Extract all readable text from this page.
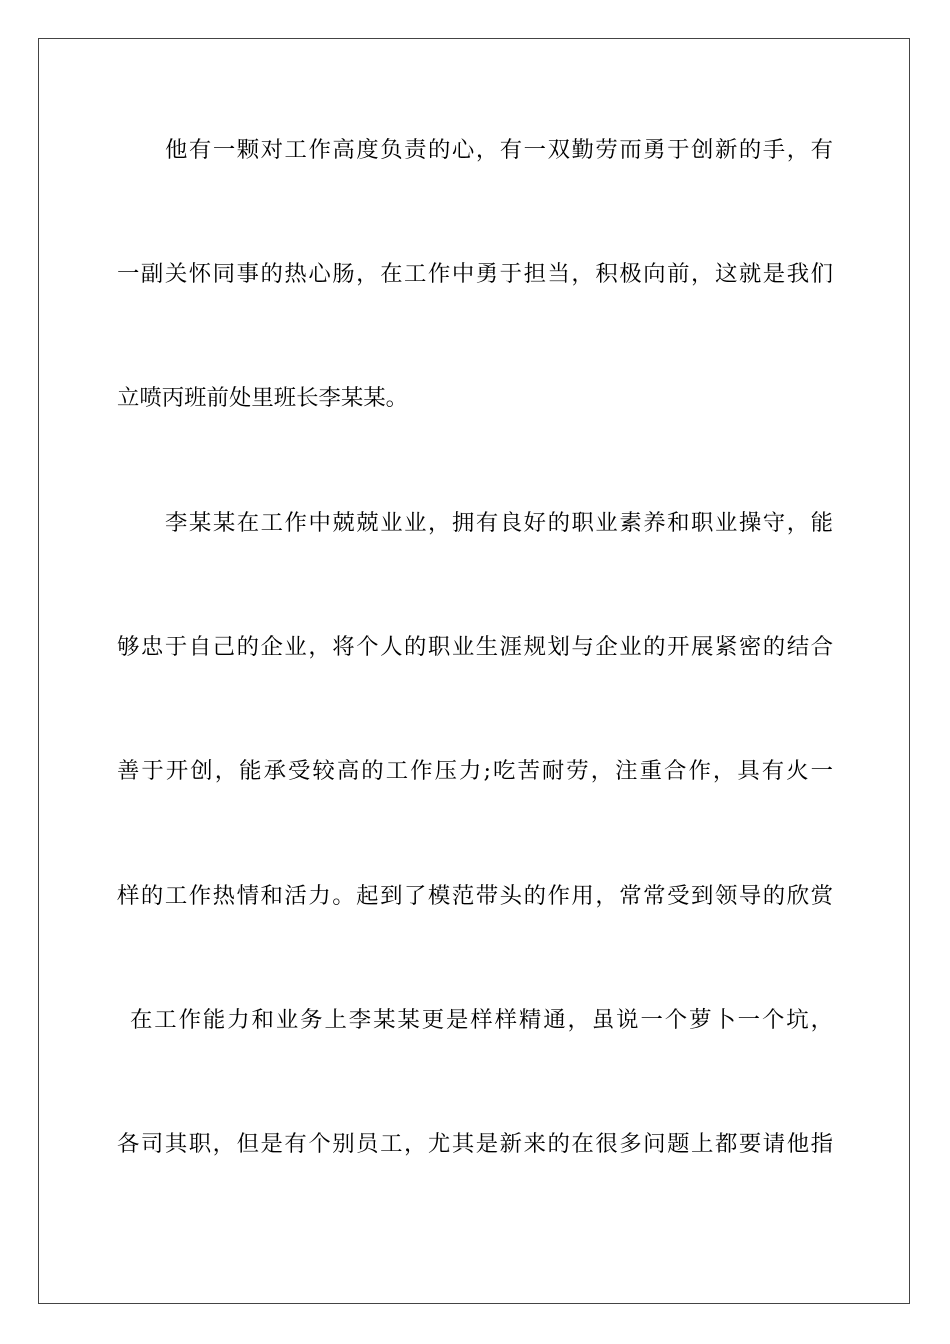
他有一颗对工作高度负责的心，有一双勤劳而勇于创新的手，有
一副关怀同事的热心肠，在工作中勇于担当，积极向前，这就是我们
立喷丙班前处里班长李某某。
李某某在工作中兢兢业业，拥有良好的职业素养和职业操守，能
够忠于自己的企业，将个人的职业生涯规划与企业的开展紧密的结合
善于开创，能承受较高的工作压力;吃苦耐劳，注重合作，具有火一
样的工作热情和活力。起到了模范带头的作用，常常受到领导的欣赏
在工作能力和业务上李某某更是样样精通，虽说一个萝卜一个坑，
各司其职，但是有个别员工，尤其是新来的在很多问题上都要请他指
